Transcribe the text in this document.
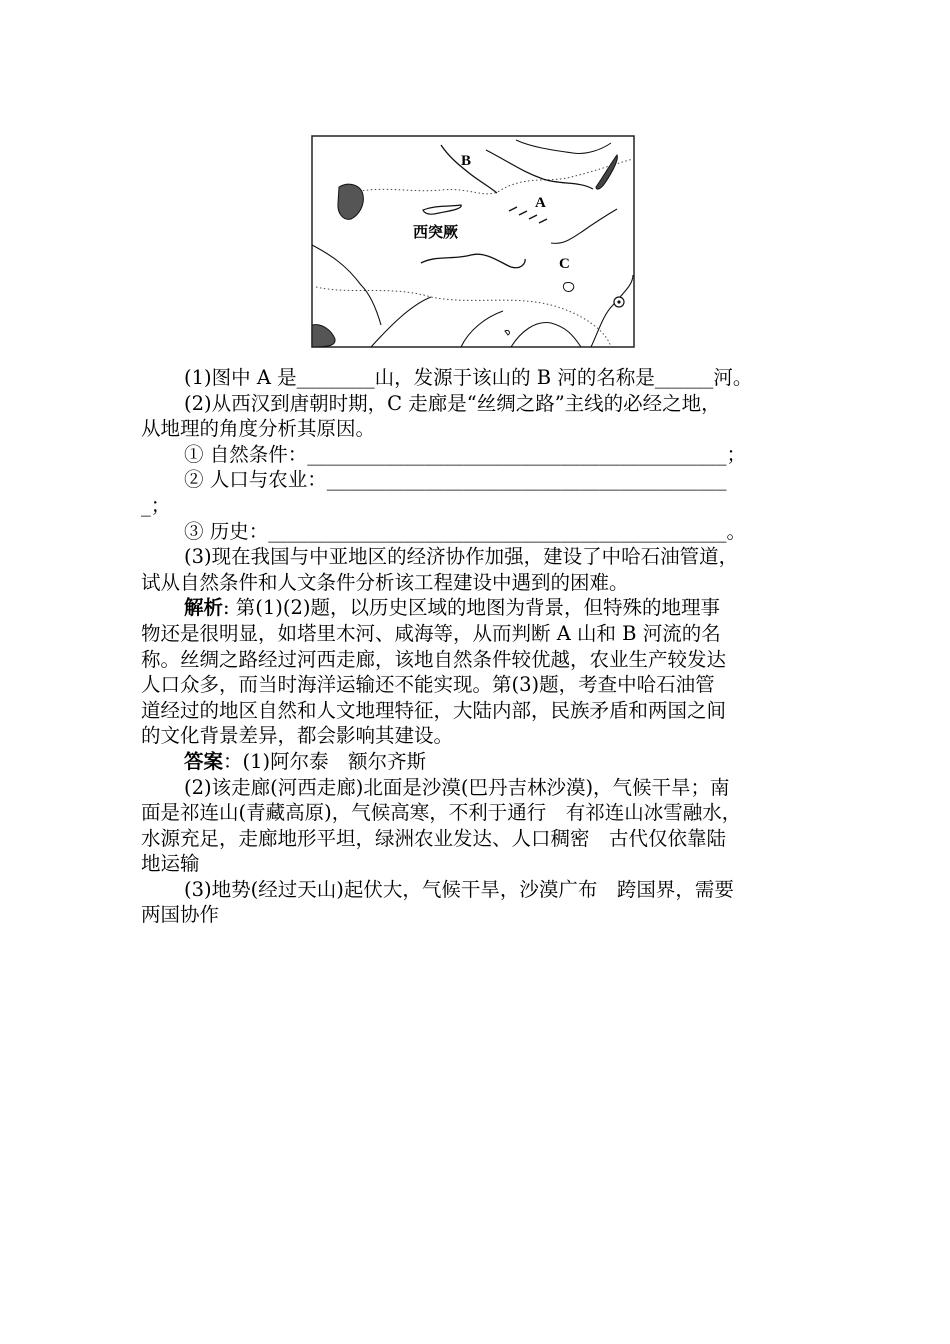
B
A
C
西突厥

(1)图中 A 是________山，发源于该山的 B 河的名称是______河。

(2)从西汉到唐朝时期，C 走廊是“丝绸之路”主线的必经之地，

从地理的角度分析其原因。

① 自然条件：___________________________________________；

② 人口与农业：_________________________________________

_；

③ 历史：_______________________________________________。

(3)现在我国与中亚地区的经济协作加强，建设了中哈石油管道，

试从自然条件和人文条件分析该工程建设中遇到的困难。

解析: 第(1)(2)题，以历史区域的地图为背景，但特殊的地理事

物还是很明显，如塔里木河、咸海等，从而判断 A 山和 B 河流的名

称。丝绸之路经过河西走廊，该地自然条件较优越，农业生产较发达

人口众多，而当时海洋运输还不能实现。第(3)题，考查中哈石油管

道经过的地区自然和人文地理特征，大陆内部，民族矛盾和两国之间

的文化背景差异，都会影响其建设。

答案：(1)阿尔泰　额尔齐斯

(2)该走廊(河西走廊)北面是沙漠(巴丹吉林沙漠)，气候干旱；南

面是祁连山(青藏高原)，气候高寒，不利于通行　有祁连山冰雪融水，

水源充足，走廊地形平坦，绿洲农业发达、人口稠密　古代仅依靠陆

地运输

(3)地势(经过天山)起伏大，气候干旱，沙漠广布　跨国界，需要

两国协作
